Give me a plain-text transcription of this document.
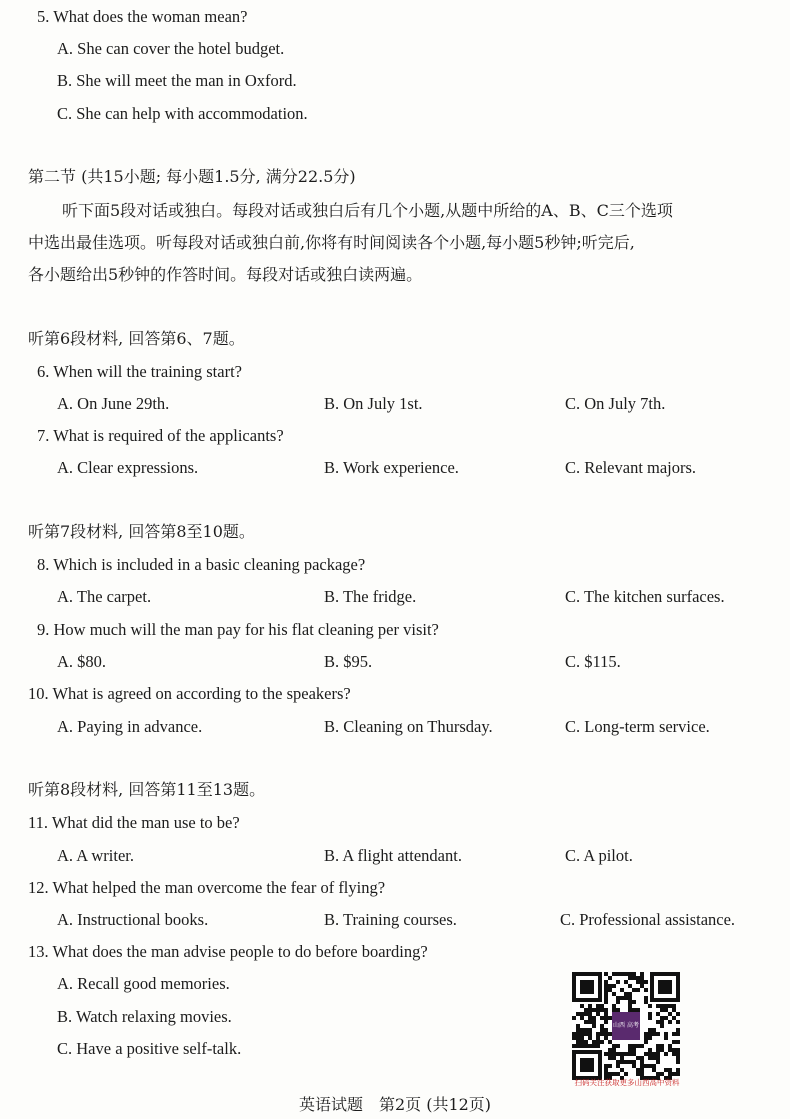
5. What does the woman mean?
A. She can cover the hotel budget.
B. She will meet the man in Oxford.
C. She can help with accommodation.
第二节 (共15小题; 每小题1.5分, 满分22.5分)
听下面5段对话或独白。每段对话或独白后有几个小题,从题中所给的A、B、C三个选项
中选出最佳选项。听每段对话或独白前,你将有时间阅读各个小题,每小题5秒钟;听完后,
各小题给出5秒钟的作答时间。每段对话或独白读两遍。
听第6段材料, 回答第6、7题。
6. When will the training start?
A. On June 29th.	B. On July 1st.	C. On July 7th.
7. What is required of the applicants?
A. Clear expressions.	B. Work experience.	C. Relevant majors.
听第7段材料, 回答第8至10题。
8. Which is included in a basic cleaning package?
A. The carpet.	B. The fridge.	C. The kitchen surfaces.
9. How much will the man pay for his flat cleaning per visit?
A. $80.	B. $95.	C. $115.
10. What is agreed on according to the speakers?
A. Paying in advance.	B. Cleaning on Thursday.	C. Long-term service.
听第8段材料, 回答第11至13题。
11. What did the man use to be?
A. A writer.	B. A flight attendant.	C. A pilot.
12. What helped the man overcome the fear of flying?
A. Instructional books.	B. Training courses.	C. Professional assistance.
13. What does the man advise people to do before boarding?
A. Recall good memories.
B. Watch relaxing movies.
C. Have a positive self-talk.
山西 高考
扫码关注获取更多山西高中资料
英语试题　第2页 (共12页)
